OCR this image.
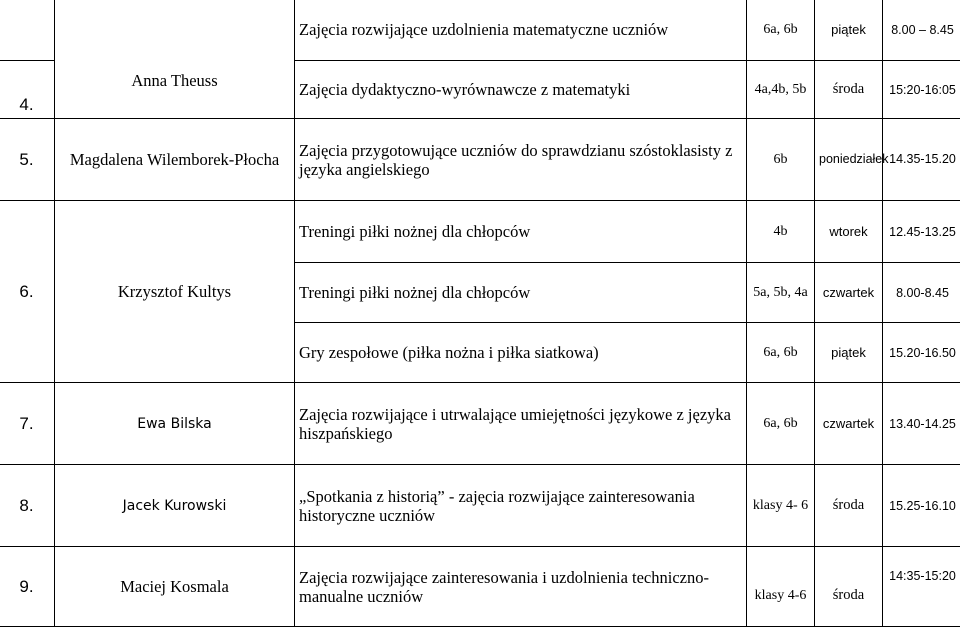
		Zajęcia rozwijające uzdolnienia matematyczne uczniów	6a, 6b	piątek	8.00 – 8.45
4.	Anna Theuss	Zajęcia dydaktyczno-wyrównawcze z matematyki	4a,4b, 5b	środa	15:20-16:05
5.	Magdalena Wilemborek-Płocha	Zajęcia przygotowujące uczniów do sprawdzianu szóstoklasisty z języka angielskiego	6b	poniedziałek	14.35-15.20
6.	Krzysztof Kultys	Treningi piłki nożnej dla chłopców	4b	wtorek	12.45-13.25
		Treningi piłki nożnej dla chłopców	5a, 5b, 4a	czwartek	8.00-8.45
		Gry zespołowe (piłka nożna i piłka siatkowa)	6a, 6b	piątek	15.20-16.50
7.	Ewa Bilska	Zajęcia rozwijające i utrwalające umiejętności językowe z języka hiszpańskiego	6a, 6b	czwartek	13.40-14.25
8.	Jacek Kurowski	„Spotkania z historią” - zajęcia rozwijające zainteresowania historyczne uczniów	klasy 4- 6	środa	15.25-16.10
9.	Maciej Kosmala	Zajęcia rozwijające zainteresowania i uzdolnienia techniczno-manualne uczniów	klasy 4-6	środa	14:35-15:20
